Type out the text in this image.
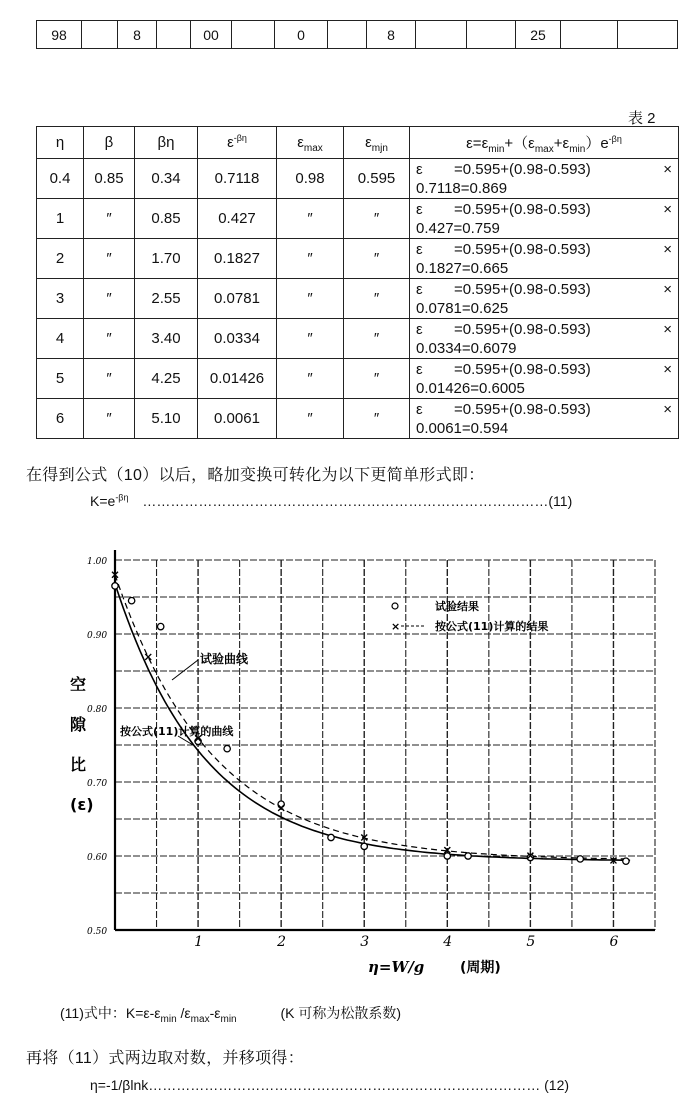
98		8		00		0		8			25		
表 2
η	β	βη	$\varepsilon^{-\beta\eta}$	$\varepsilon_{max}$	$\varepsilon_{mjn}$	$\varepsilon=\varepsilon_{min}+(\varepsilon_{max}+\varepsilon_{min})e^{-\beta\eta}$
0.4	0.85	0.34	0.7118	0.98	0.595	ε =0.595+(0.98-0.593) ×
0.7118=0.869

1	″	0.85	0.427	″	″	ε =0.595+(0.98-0.593) ×
0.427=0.759

2	″	1.70	0.1827	″	″	ε =0.595+(0.98-0.593) ×
0.1827=0.665

3	″	2.55	0.0781	″	″	ε =0.595+(0.98-0.593) ×
0.0781=0.625

4	″	3.40	0.0334	″	″	ε =0.595+(0.98-0.593) ×
0.0334=0.6079

5	″	4.25	0.01426	″	″	ε =0.595+(0.98-0.593) ×
0.01426=0.6005

6	″	5.10	0.0061	″	″	ε =0.595+(0.98-0.593) ×
0.0061=0.594
在得到公式（10）以后，略加变换可转化为以下更简单形式即：
$K=e^{-\beta\eta}$ ……………………………………………………………………………(11)
1	2	3	4	5	6
1.00
0.90
0.80
0.70
0.60
0.50
空
隙
比
(ε)
η=W/g	(周期)
试验结果
×	按公式(11)计算的结果
试验曲线
按公式(11)计算的曲线
(11)式中：$K=\varepsilon-\varepsilon_{min}$ $/\varepsilon_{max}-\varepsilon_{min}$	(K 可称为松散系数)
再将（11）式两边取对数，并移项得：
η=-1/βlnk………………………………………………………………………… (12)
